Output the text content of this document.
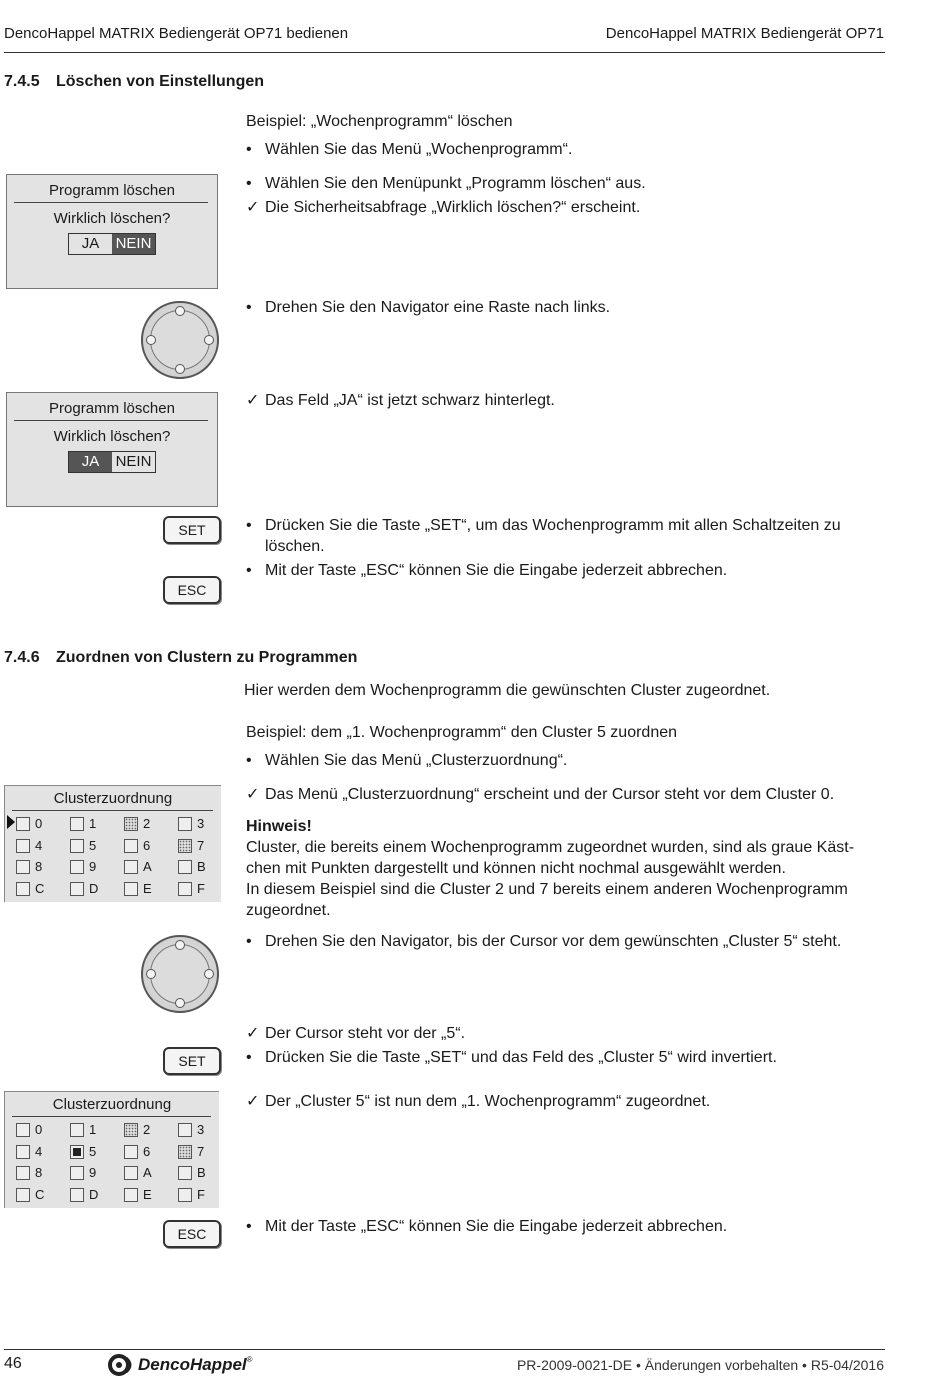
DencoHappel MATRIX Bediengerät OP71 bedienen	DencoHappel MATRIX Bediengerät OP71
7.4.5 Löschen von Einstellungen
Beispiel: „Wochenprogramm“ löschen
• Wählen Sie das Menü „Wochenprogramm“.
• Wählen Sie den Menüpunkt „Programm löschen“ aus.
✓ Die Sicherheitsabfrage „Wirklich löschen?“ erscheint.
• Drehen Sie den Navigator eine Raste nach links.
✓ Das Feld „JA“ ist jetzt schwarz hinterlegt.
• Drücken Sie die Taste „SET“, um das Wochenprogramm mit allen Schaltzeiten zu löschen.
• Mit der Taste „ESC“ können Sie die Eingabe jederzeit abbrechen.
Programm löschen
Wirklich löschen?
JA	NEIN
Programm löschen
Wirklich löschen?
JA	NEIN
SET
ESC
7.4.6 Zuordnen von Clustern zu Programmen
Hier werden dem Wochenprogramm die gewünschten Cluster zugeordnet.
Beispiel: dem „1. Wochenprogramm“ den Cluster 5 zuordnen
• Wählen Sie das Menü „Clusterzuordnung“.
✓ Das Menü „Clusterzuordnung“ erscheint und der Cursor steht vor dem Cluster 0.
Hinweis!
Cluster, die bereits einem Wochenprogramm zugeordnet wurden, sind als graue Käst-
chen mit Punkten dargestellt und können nicht nochmal ausgewählt werden.
In diesem Beispiel sind die Cluster 2 und 7 bereits einem anderen Wochenprogramm
zugeordnet.
• Drehen Sie den Navigator, bis der Cursor vor dem gewünschten „Cluster 5“ steht.
✓ Der Cursor steht vor der „5“.
• Drücken Sie die Taste „SET“ und das Feld des „Cluster 5“ wird invertiert.
✓ Der „Cluster 5“ ist nun dem „1. Wochenprogramm“ zugeordnet.
• Mit der Taste „ESC“ können Sie die Eingabe jederzeit abbrechen.
Clusterzuordnung
0	1	2	3
4	5	6	7
8	9	A	B
C	D	E	F
SET
Clusterzuordnung
0	1	2	3
4	5	6	7
8	9	A	B
C	D	E	F
ESC
46	DencoHappel ®	PR-2009-0021-DE • Änderungen vorbehalten • R5-04/2016
